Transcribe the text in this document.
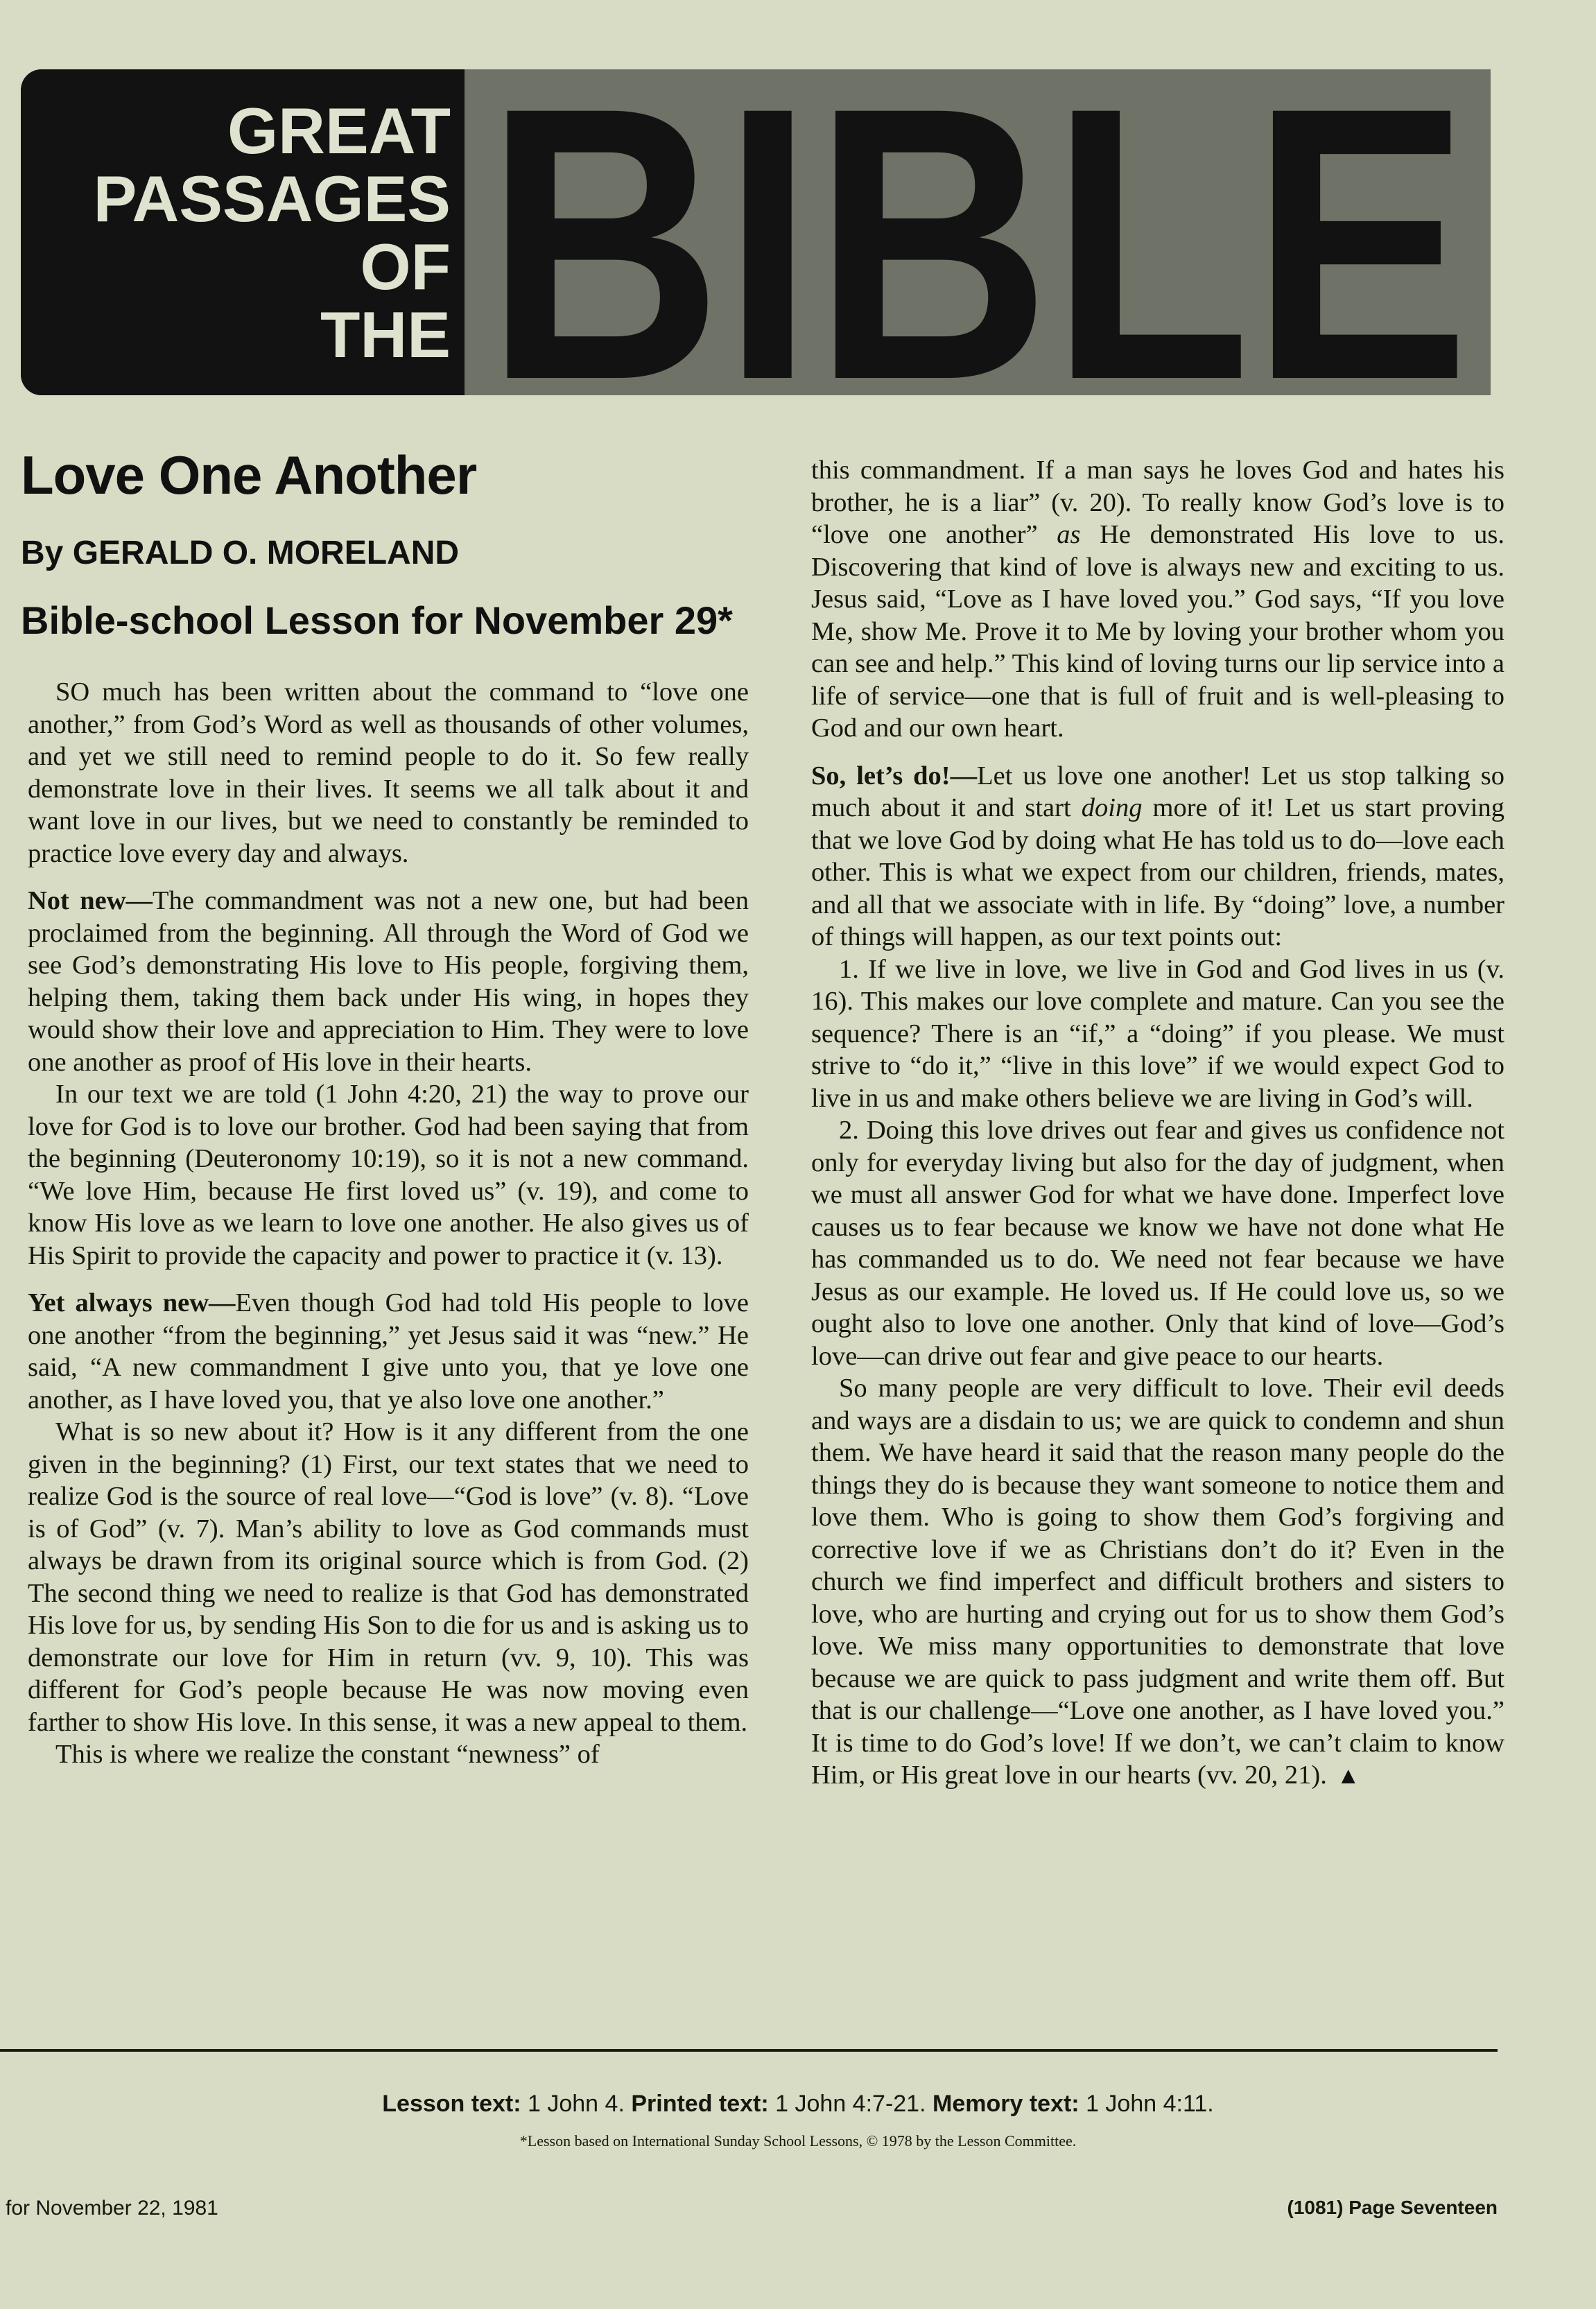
GREAT
PASSAGES
OF
THE BIBLE
Love One Another
By GERALD O. MORELAND
Bible-school Lesson for November 29*

SO much has been written about the command to “love one another,” from God’s Word as well as thousands of other volumes, and yet we still need to remind people to do it. So few really demonstrate love in their lives. It seems we all talk about it and want love in our lives, but we need to constantly be reminded to practice love every day and always.

Not new—The commandment was not a new one, but had been proclaimed from the beginning. All through the Word of God we see God’s demonstrating His love to His people, forgiving them, helping them, taking them back under His wing, in hopes they would show their love and appreciation to Him. They were to love one another as proof of His love in their hearts.

In our text we are told (1 John 4:20, 21) the way to prove our love for God is to love our brother. God had been saying that from the beginning (Deuteronomy 10:19), so it is not a new command. “We love Him, because He first loved us” (v. 19), and come to know His love as we learn to love one another. He also gives us of His Spirit to provide the capacity and power to practice it (v. 13).

Yet always new—Even though God had told His people to love one another “from the beginning,” yet Jesus said it was “new.” He said, “A new commandment I give unto you, that ye love one another, as I have loved you, that ye also love one another.”

What is so new about it? How is it any different from the one given in the beginning? (1) First, our text states that we need to realize God is the source of real love—“God is love” (v. 8). “Love is of God” (v. 7). Man’s ability to love as God commands must always be drawn from its original source which is from God. (2) The second thing we need to realize is that God has demonstrated His love for us, by sending His Son to die for us and is asking us to demonstrate our love for Him in return (vv. 9, 10). This was different for God’s people because He was now moving even farther to show His love. In this sense, it was a new appeal to them.

This is where we realize the constant “newness” of

this commandment. If a man says he loves God and hates his brother, he is a liar” (v. 20). To really know God’s love is to “love one another” as He demonstrated His love to us. Discovering that kind of love is always new and exciting to us. Jesus said, “Love as I have loved you.” God says, “If you love Me, show Me. Prove it to Me by loving your brother whom you can see and help.” This kind of loving turns our lip service into a life of service—one that is full of fruit and is well-pleasing to God and our own heart.

So, let’s do!—Let us love one another! Let us stop talking so much about it and start doing more of it! Let us start proving that we love God by doing what He has told us to do—love each other. This is what we expect from our children, friends, mates, and all that we associate with in life. By “doing” love, a number of things will happen, as our text points out:

1. If we live in love, we live in God and God lives in us (v. 16). This makes our love complete and mature. Can you see the sequence? There is an “if,” a “doing” if you please. We must strive to “do it,” “live in this love” if we would expect God to live in us and make others believe we are living in God’s will.

2. Doing this love drives out fear and gives us confidence not only for everyday living but also for the day of judgment, when we must all answer God for what we have done. Imperfect love causes us to fear because we know we have not done what He has commanded us to do. We need not fear because we have Jesus as our example. He loved us. If He could love us, so we ought also to love one another. Only that kind of love—God’s love—can drive out fear and give peace to our hearts.

So many people are very difficult to love. Their evil deeds and ways are a disdain to us; we are quick to condemn and shun them. We have heard it said that the reason many people do the things they do is because they want someone to notice them and love them. Who is going to show them God’s forgiving and corrective love if we as Christians don’t do it? Even in the church we find imperfect and difficult brothers and sisters to love, who are hurting and crying out for us to show them God’s love. We miss many opportunities to demonstrate that love because we are quick to pass judgment and write them off. But that is our challenge—“Love one another, as I have loved you.” It is time to do God’s love! If we don’t, we can’t claim to know Him, or His great love in our hearts (vv. 20, 21). ▲

Lesson text: 1 John 4. Printed text: 1 John 4:7-21. Memory text: 1 John 4:11.
*Lesson based on International Sunday School Lessons, © 1978 by the Lesson Committee.
for November 22, 1981	(1081) Page Seventeen
